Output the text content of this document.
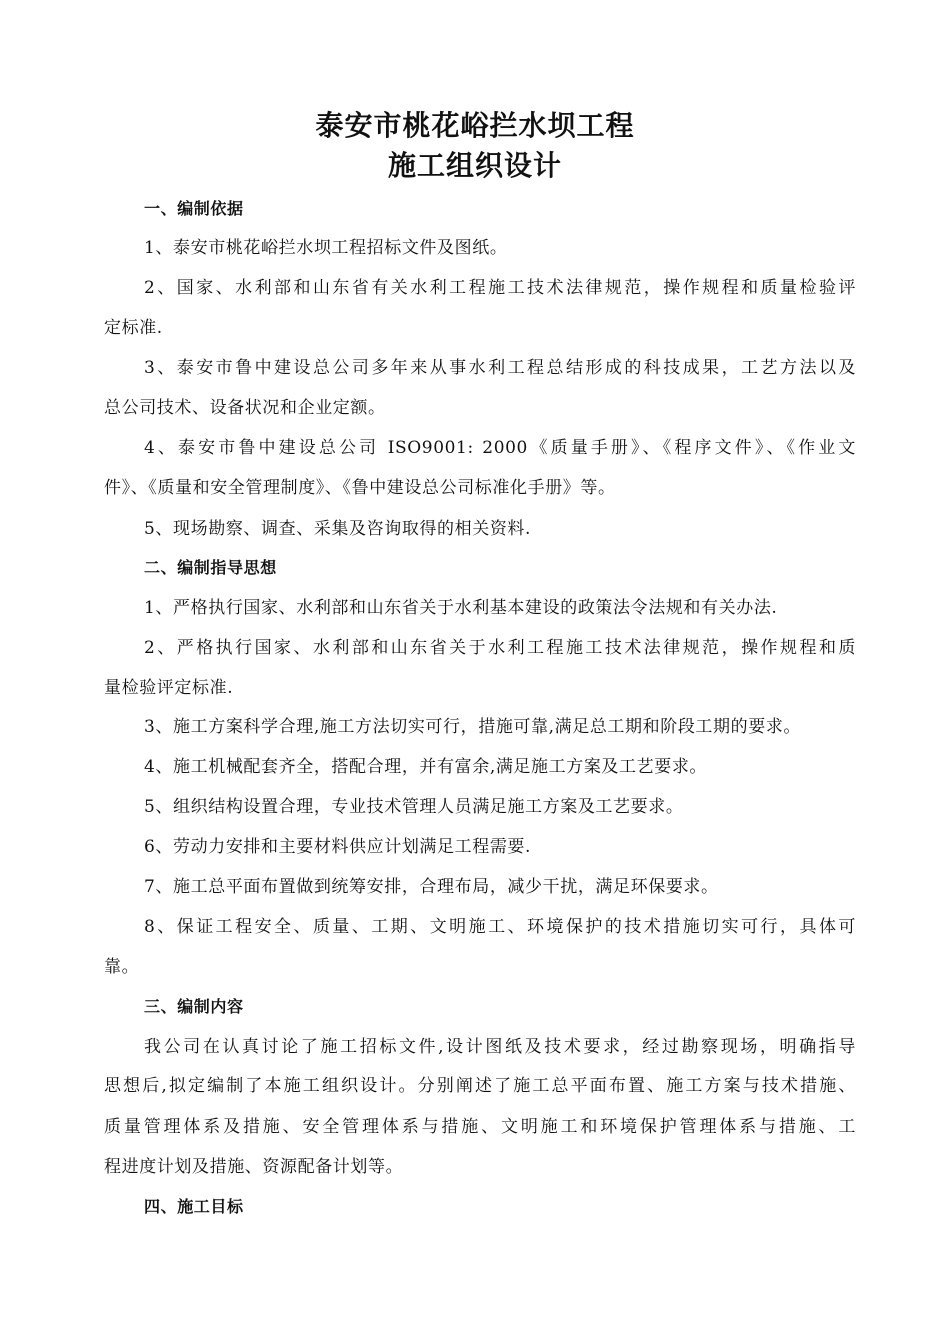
泰安市桃花峪拦水坝工程
施工组织设计
一、编制依据
1、泰安市桃花峪拦水坝工程招标文件及图纸。
2、国家、水利部和山东省有关水利工程施工技术法律规范，操作规程和质量检验评
定标准.
3、泰安市鲁中建设总公司多年来从事水利工程总结形成的科技成果，工艺方法以及
总公司技术、设备状况和企业定额。
4、泰安市鲁中建设总公司 ISO9001: 2000《质量手册》、《程序文件》、《作业文
件》、《质量和安全管理制度》、《鲁中建设总公司标准化手册》等。
5、现场勘察、调查、采集及咨询取得的相关资料.
二、编制指导思想
1、严格执行国家、水利部和山东省关于水利基本建设的政策法令法规和有关办法.
2、严格执行国家、水利部和山东省关于水利工程施工技术法律规范，操作规程和质
量检验评定标准.
3、施工方案科学合理,施工方法切实可行，措施可靠,满足总工期和阶段工期的要求。
4、施工机械配套齐全，搭配合理，并有富余,满足施工方案及工艺要求。
5、组织结构设置合理，专业技术管理人员满足施工方案及工艺要求。
6、劳动力安排和主要材料供应计划满足工程需要.
7、施工总平面布置做到统筹安排，合理布局，减少干扰，满足环保要求。
8、保证工程安全、质量、工期、文明施工、环境保护的技术措施切实可行，具体可
靠。
三、编制内容
我公司在认真讨论了施工招标文件,设计图纸及技术要求，经过勘察现场，明确指导
思想后,拟定编制了本施工组织设计。分别阐述了施工总平面布置、施工方案与技术措施、
质量管理体系及措施、安全管理体系与措施、文明施工和环境保护管理体系与措施、工
程进度计划及措施、资源配备计划等。
四、施工目标
